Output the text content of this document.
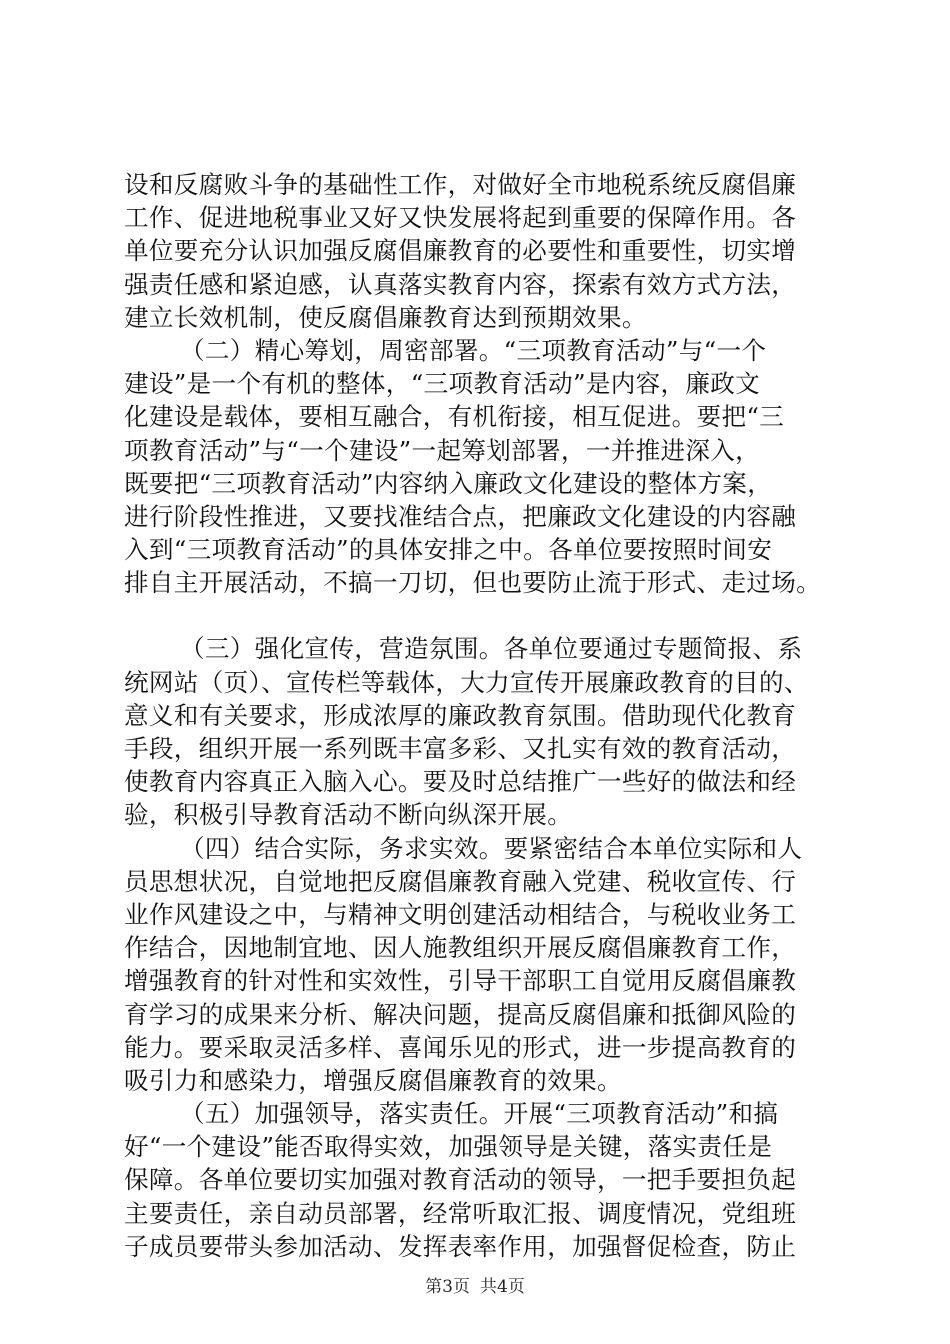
设和反腐败斗争的基础性工作，对做好全市地税系统反腐倡廉
工作、促进地税事业又好又快发展将起到重要的保障作用。各
单位要充分认识加强反腐倡廉教育的必要性和重要性，切实增
强责任感和紧迫感，认真落实教育内容，探索有效方式方法，
建立长效机制，使反腐倡廉教育达到预期效果。

（二）精心筹划，周密部署。“三项教育活动”与“一个
建设”是一个有机的整体，“三项教育活动”是内容，廉政文
化建设是载体，要相互融合，有机衔接，相互促进。要把“三
项教育活动”与“一个建设”一起筹划部署，一并推进深入，
既要把“三项教育活动”内容纳入廉政文化建设的整体方案，
进行阶段性推进，又要找准结合点，把廉政文化建设的内容融
入到“三项教育活动”的具体安排之中。各单位要按照时间安
排自主开展活动，不搞一刀切，但也要防止流于形式、走过场。

（三）强化宣传，营造氛围。各单位要通过专题简报、系
统网站（页）、宣传栏等载体，大力宣传开展廉政教育的目的、
意义和有关要求，形成浓厚的廉政教育氛围。借助现代化教育
手段，组织开展一系列既丰富多彩、又扎实有效的教育活动，
使教育内容真正入脑入心。要及时总结推广一些好的做法和经
验，积极引导教育活动不断向纵深开展。

（四）结合实际，务求实效。要紧密结合本单位实际和人
员思想状况，自觉地把反腐倡廉教育融入党建、税收宣传、行
业作风建设之中，与精神文明创建活动相结合，与税收业务工
作结合，因地制宜地、因人施教组织开展反腐倡廉教育工作，
增强教育的针对性和实效性，引导干部职工自觉用反腐倡廉教
育学习的成果来分析、解决问题，提高反腐倡廉和抵御风险的
能力。要采取灵活多样、喜闻乐见的形式，进一步提高教育的
吸引力和感染力，增强反腐倡廉教育的效果。

（五）加强领导，落实责任。开展“三项教育活动”和搞
好“一个建设”能否取得实效，加强领导是关键，落实责任是
保障。各单位要切实加强对教育活动的领导，一把手要担负起
主要责任，亲自动员部署，经常听取汇报、调度情况，党组班
子成员要带头参加活动、发挥表率作用，加强督促检查，防止

第3页 共4页
